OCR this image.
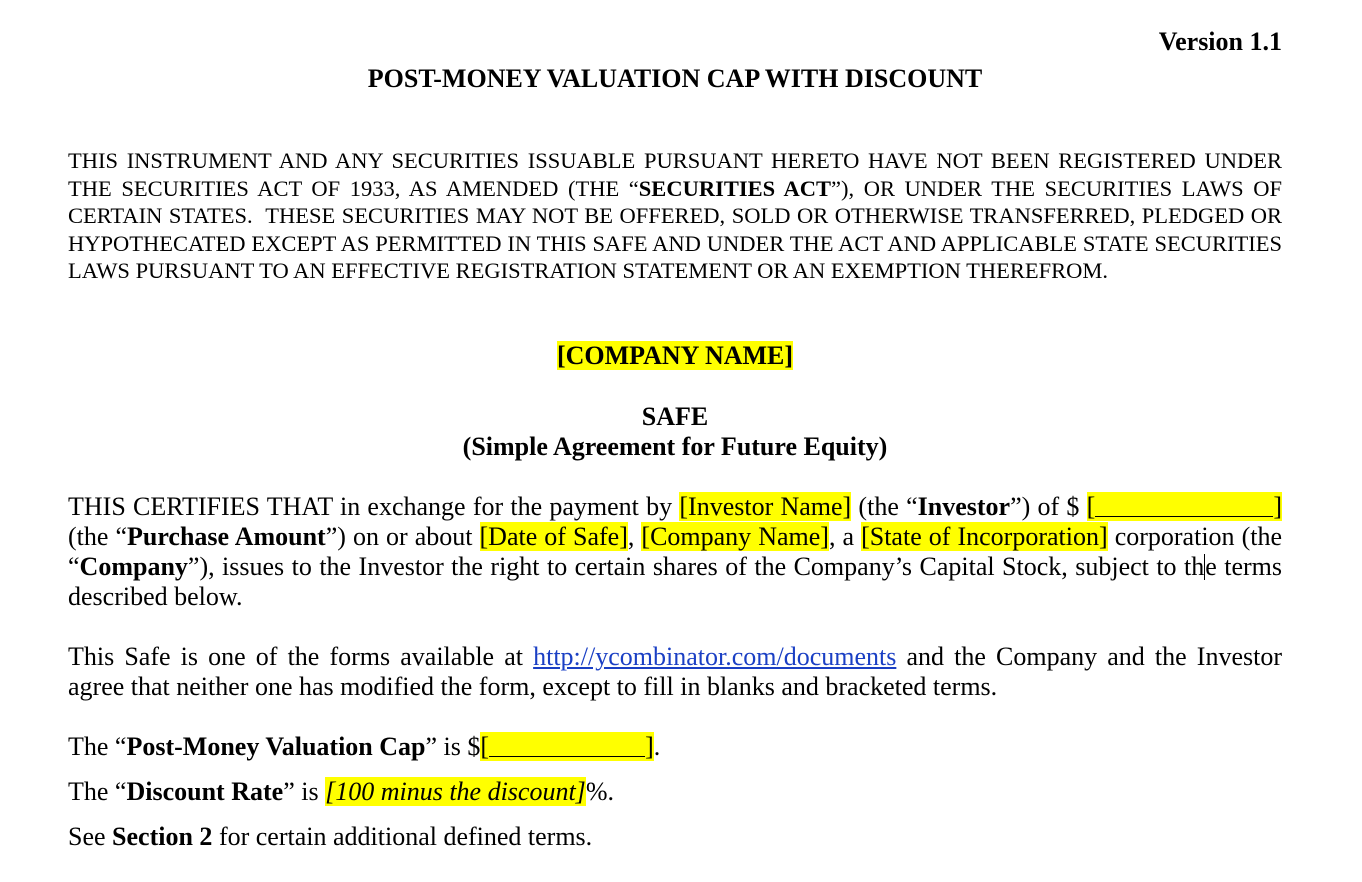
Version 1.1
POST-MONEY VALUATION CAP WITH DISCOUNT
THIS INSTRUMENT AND ANY SECURITIES ISSUABLE PURSUANT HERETO HAVE NOT BEEN REGISTERED UNDER THE SECURITIES ACT OF 1933, AS AMENDED (THE “SECURITIES ACT”), OR UNDER THE SECURITIES LAWS OF CERTAIN STATES.  THESE SECURITIES MAY NOT BE OFFERED, SOLD OR OTHERWISE TRANSFERRED, PLEDGED OR HYPOTHECATED EXCEPT AS PERMITTED IN THIS SAFE AND UNDER THE ACT AND APPLICABLE STATE SECURITIES LAWS PURSUANT TO AN EFFECTIVE REGISTRATION STATEMENT OR AN EXEMPTION THEREFROM.
[COMPANY NAME]
SAFE
(Simple Agreement for Future Equity)
THIS CERTIFIES THAT in exchange for the payment by [Investor Name] (the “Investor”) of $ [	] (the “Purchase Amount”) on or about [Date of Safe], [Company Name], a [State of Incorporation] corporation (the “Company”), issues to the Investor the right to certain shares of the Company’s Capital Stock, subject to the terms described below.
This Safe is one of the forms available at http://ycombinator.com/documents and the Company and the Investor agree that neither one has modified the form, except to fill in blanks and bracketed terms.
The “Post-Money Valuation Cap” is $[	].
The “Discount Rate” is [100 minus the discount]%.
See Section 2 for certain additional defined terms.
